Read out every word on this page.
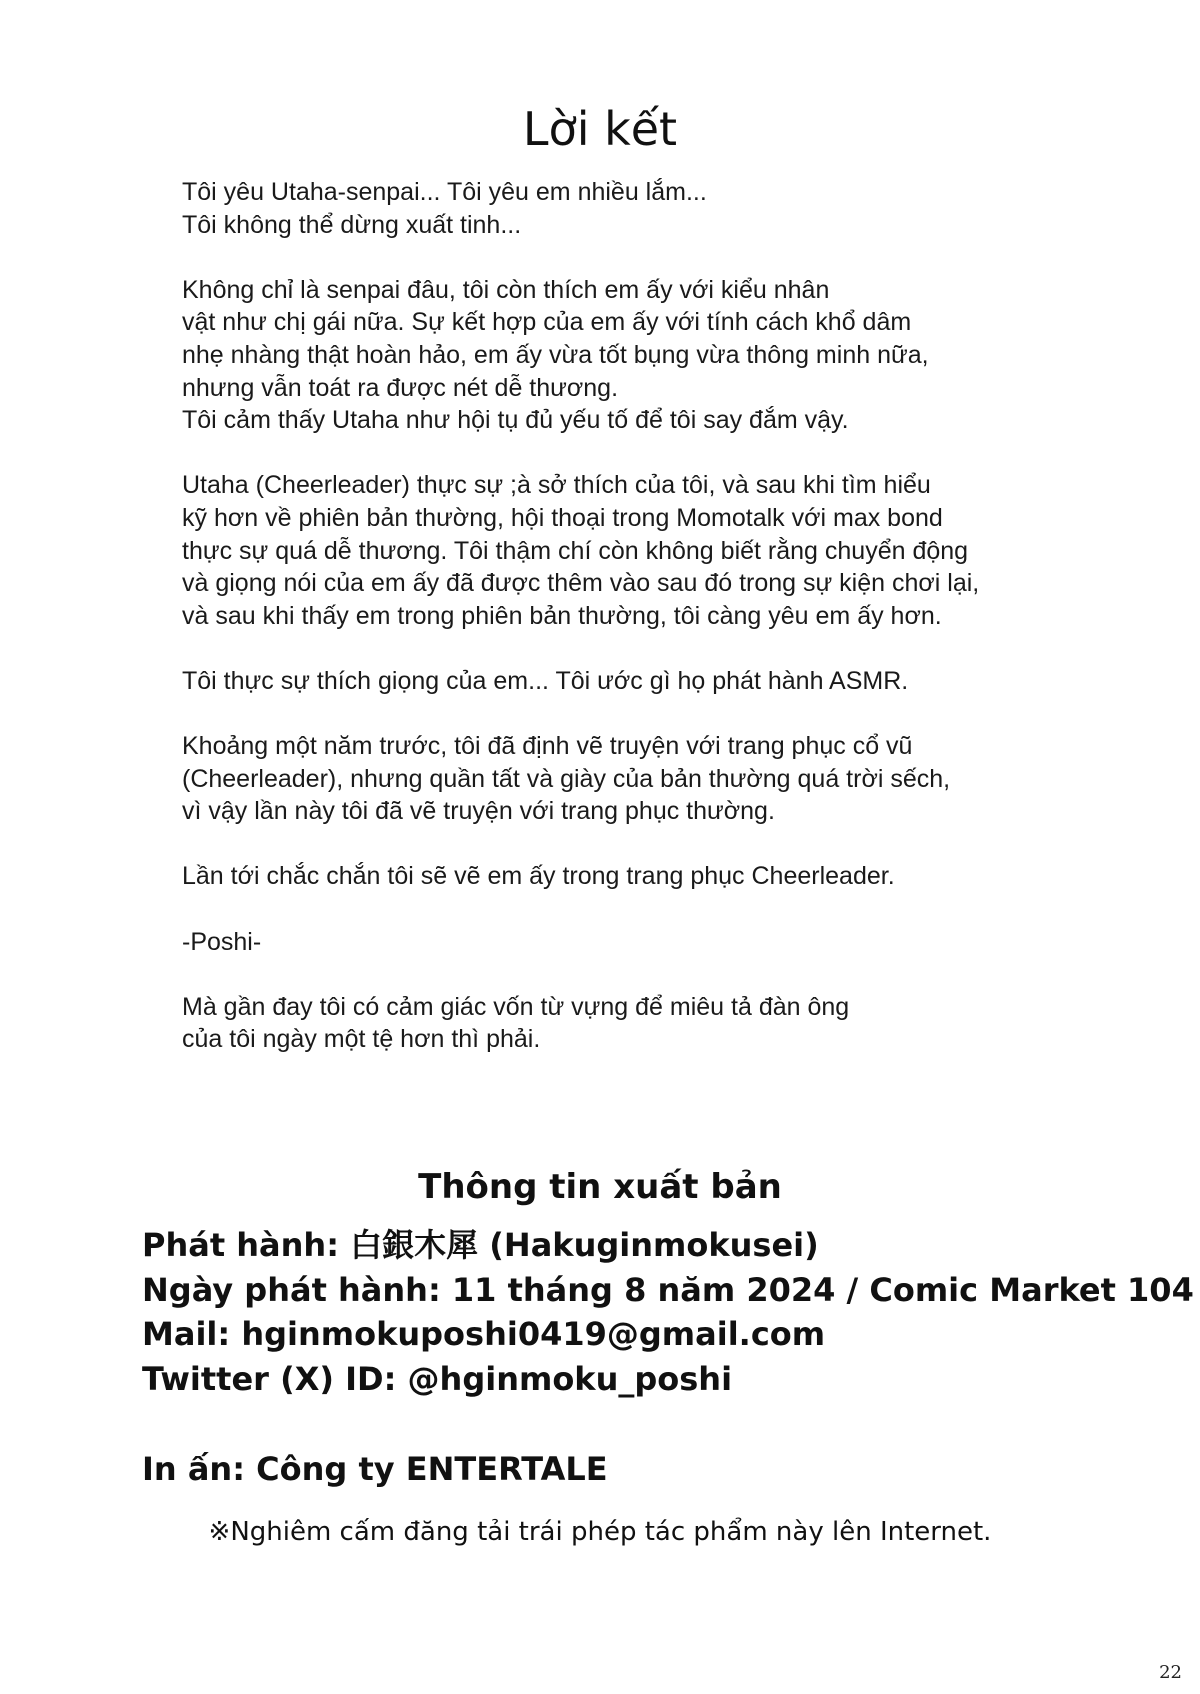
Lời kết
Tôi yêu Utaha-senpai... Tôi yêu em nhiều lắm...
Tôi không thể dừng xuất tinh...
Không chỉ là senpai đâu, tôi còn thích em ấy với kiểu nhân
vật như chị gái nữa. Sự kết hợp của em ấy với tính cách khổ dâm
nhẹ nhàng thật hoàn hảo, em ấy vừa tốt bụng vừa thông minh nữa,
nhưng vẫn toát ra được nét dễ thương.
Tôi cảm thấy Utaha như hội tụ đủ yếu tố để tôi say đắm vậy.
Utaha (Cheerleader) thực sự ;à sở thích của tôi, và sau khi tìm hiểu
kỹ hơn về phiên bản thường, hội thoại trong Momotalk với max bond
thực sự quá dễ thương. Tôi thậm chí còn không biết rằng chuyển động
và giọng nói của em ấy đã được thêm vào sau đó trong sự kiện chơi lại,
và sau khi thấy em trong phiên bản thường, tôi càng yêu em ấy hơn.
Tôi thực sự thích giọng của em... Tôi ước gì họ phát hành ASMR.
Khoảng một năm trước, tôi đã định vẽ truyện với trang phục cổ vũ
(Cheerleader), nhưng quần tất và giày của bản thường quá trời sếch,
vì vậy lần này tôi đã vẽ truyện với trang phục thường.
Lần tới chắc chắn tôi sẽ vẽ em ấy trong trang phục Cheerleader.
-Poshi-
Mà gần đay tôi có cảm giác vốn từ vựng để miêu tả đàn ông
của tôi ngày một tệ hơn thì phải.
Thông tin xuất bản
Phát hành: 白銀木犀 (Hakuginmokusei)
Ngày phát hành: 11 tháng 8 năm 2024 / Comic Market 104
Mail: hginmokuposhi0419@gmail.com
Twitter (X) ID: @hginmoku_poshi
In ấn: Công ty ENTERTALE
※Nghiêm cấm đăng tải trái phép tác phẩm này lên Internet.
22
